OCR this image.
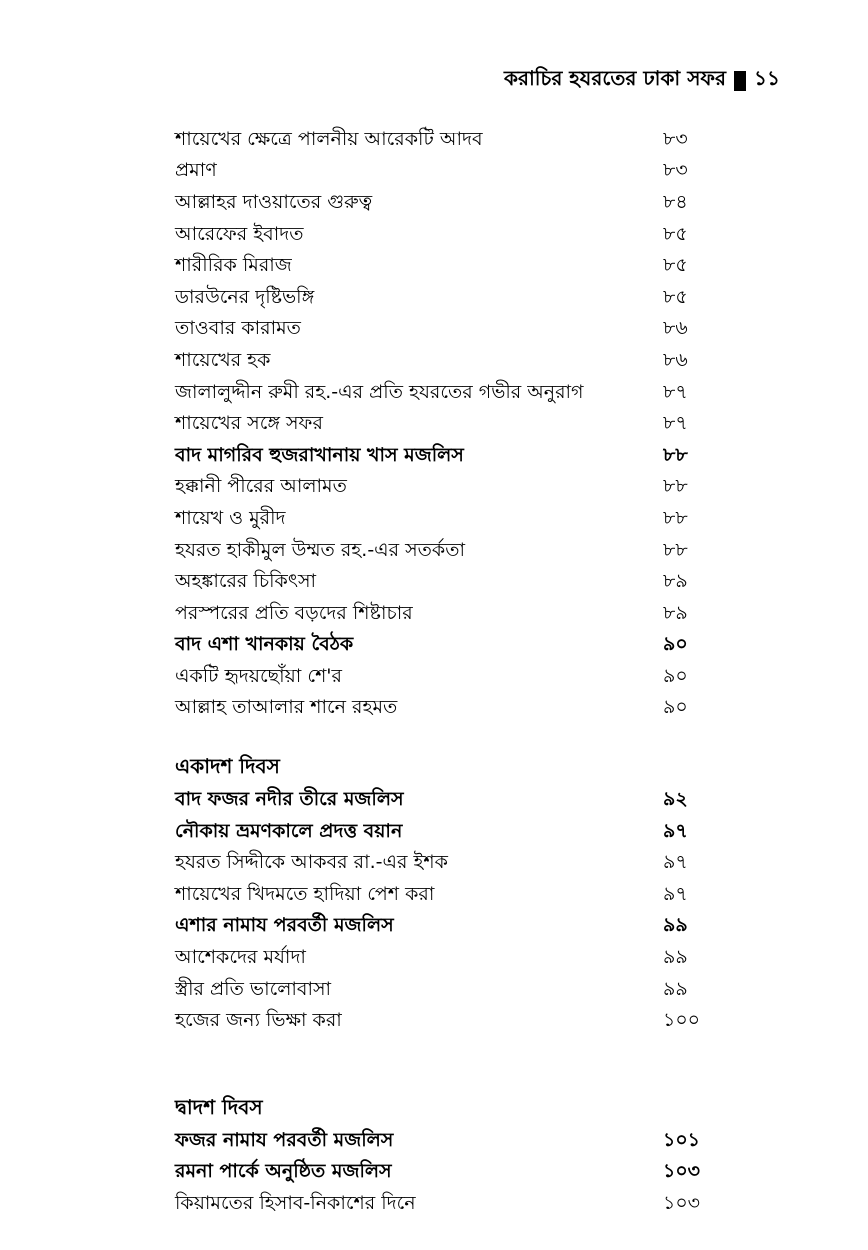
করাচির হযরতের ঢাকা সফর ১১
শায়েখের ক্ষেত্রে পালনীয় আরেকটি আদব	৮৩
প্রমাণ	৮৩
আল্লাহর দাওয়াতের গুরুত্ব	৮৪
আরেফের ইবাদত	৮৫
শারীরিক মিরাজ	৮৫
ডারউনের দৃষ্টিভঙ্গি	৮৫
তাওবার কারামত	৮৬
শায়েখের হক	৮৬
জালালুদ্দীন রুমী রহ.-এর প্রতি হযরতের গভীর অনুরাগ	৮৭
শায়েখের সঙ্গে সফর	৮৭
বাদ মাগরিব হুজরাখানায় খাস মজলিস	৮৮
হক্কানী পীরের আলামত	৮৮
শায়েখ ও মুরীদ	৮৮
হযরত হাকীমুল উম্মত রহ.-এর সতর্কতা	৮৮
অহঙ্কারের চিকিৎসা	৮৯
পরস্পরের প্রতি বড়দের শিষ্টাচার	৮৯
বাদ এশা খানকায় বৈঠক	৯০
একটি হৃদয়ছোঁয়া শে'র	৯০
আল্লাহ তাআলার শানে রহমত	৯০
একাদশ দিবস
বাদ ফজর নদীর তীরে মজলিস	৯২
নৌকায় ভ্রমণকালে প্রদত্ত বয়ান	৯৭
হযরত সিদ্দীকে আকবর রা.-এর ইশক	৯৭
শায়েখের খিদমতে হাদিয়া পেশ করা	৯৭
এশার নামায পরবর্তী মজলিস	৯৯
আশেকদের মর্যাদা	৯৯
স্ত্রীর প্রতি ভালোবাসা	৯৯
হজের জন্য ভিক্ষা করা	১০০
দ্বাদশ দিবস
ফজর নামায পরবর্তী মজলিস	১০১
রমনা পার্কে অনুষ্ঠিত মজলিস	১০৩
কিয়ামতের হিসাব-নিকাশের দিনে	১০৩
